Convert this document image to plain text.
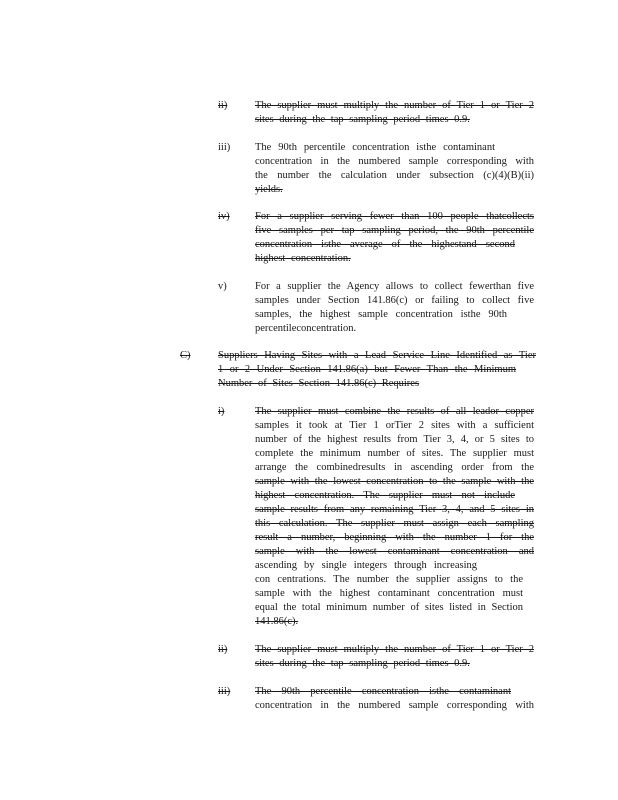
ii)	The supplier must multiply the number of Tier 1 or Tier 2
sites during the tap sampling period times 0.9.
iii)	The 90th percentile concentration isthe contaminant
concentration in the numbered sample corresponding with
the number the calculation under subsection (c)(4)(B)(ii)
yields.
iv)	For a supplier serving fewer than 100 people thatcollects
five samples per tap sampling period, the 90th percentile
concentration isthe average of the highestand second
highest concentration.
v)	For a supplier the Agency allows to collect fewerthan five
samples under Section 141.86(c) or failing to collect five
samples, the highest sample concentration isthe 90th
percentileconcentration.
C)	Suppliers Having Sites with a Lead Service Line Identified as Tier
1 or 2 Under Section 141.86(a) but Fewer Than the Minimum
Number of Sites Section 141.86(c) Requires
i)	The supplier must combine the results of all leador copper
samples it took at Tier 1 orTier 2 sites with a sufficient
number of the highest results from Tier 3, 4, or 5 sites to
complete the minimum number of sites. The supplier must
arrange the combinedresults in ascending order from the
sample with the lowest concentration to the sample with the
highest concentration. The supplier must not include
sample results from any remaining Tier 3, 4, and 5 sites in
this calculation. The supplier must assign each sampling
result a number, beginning with the number 1 for the
sample with the lowest contaminant concentration and
ascending by single integers through increasing
con centrations. The number the supplier assigns to the
sample with the highest contaminant concentration must
equal the total minimum number of sites listed in Section
141.86(c).
ii)	The supplier must multiply the number of Tier 1 or Tier 2
sites during the tap sampling period times 0.9.
iii)	The 90th percentile concentration isthe contaminant
concentration in the numbered sample corresponding with
